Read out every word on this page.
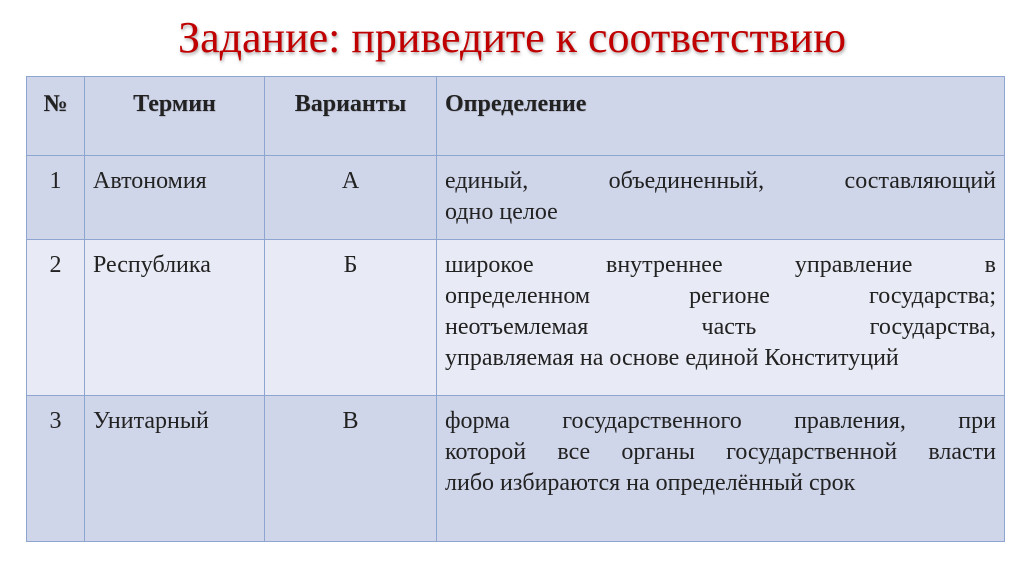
Задание: приведите к соответствию
№	Термин	Варианты	Определение
1	Автономия	А	единый, объединенный, составляющий
одно целое

2	Республика	Б	широкое внутреннее управление в
определенном регионе государства;
неотъемлемая часть государства,
управляемая на основе единой Конституций

3	Унитарный	В	форма государственного правления, при
которой все органы государственной власти
либо избираются на определённый срок
